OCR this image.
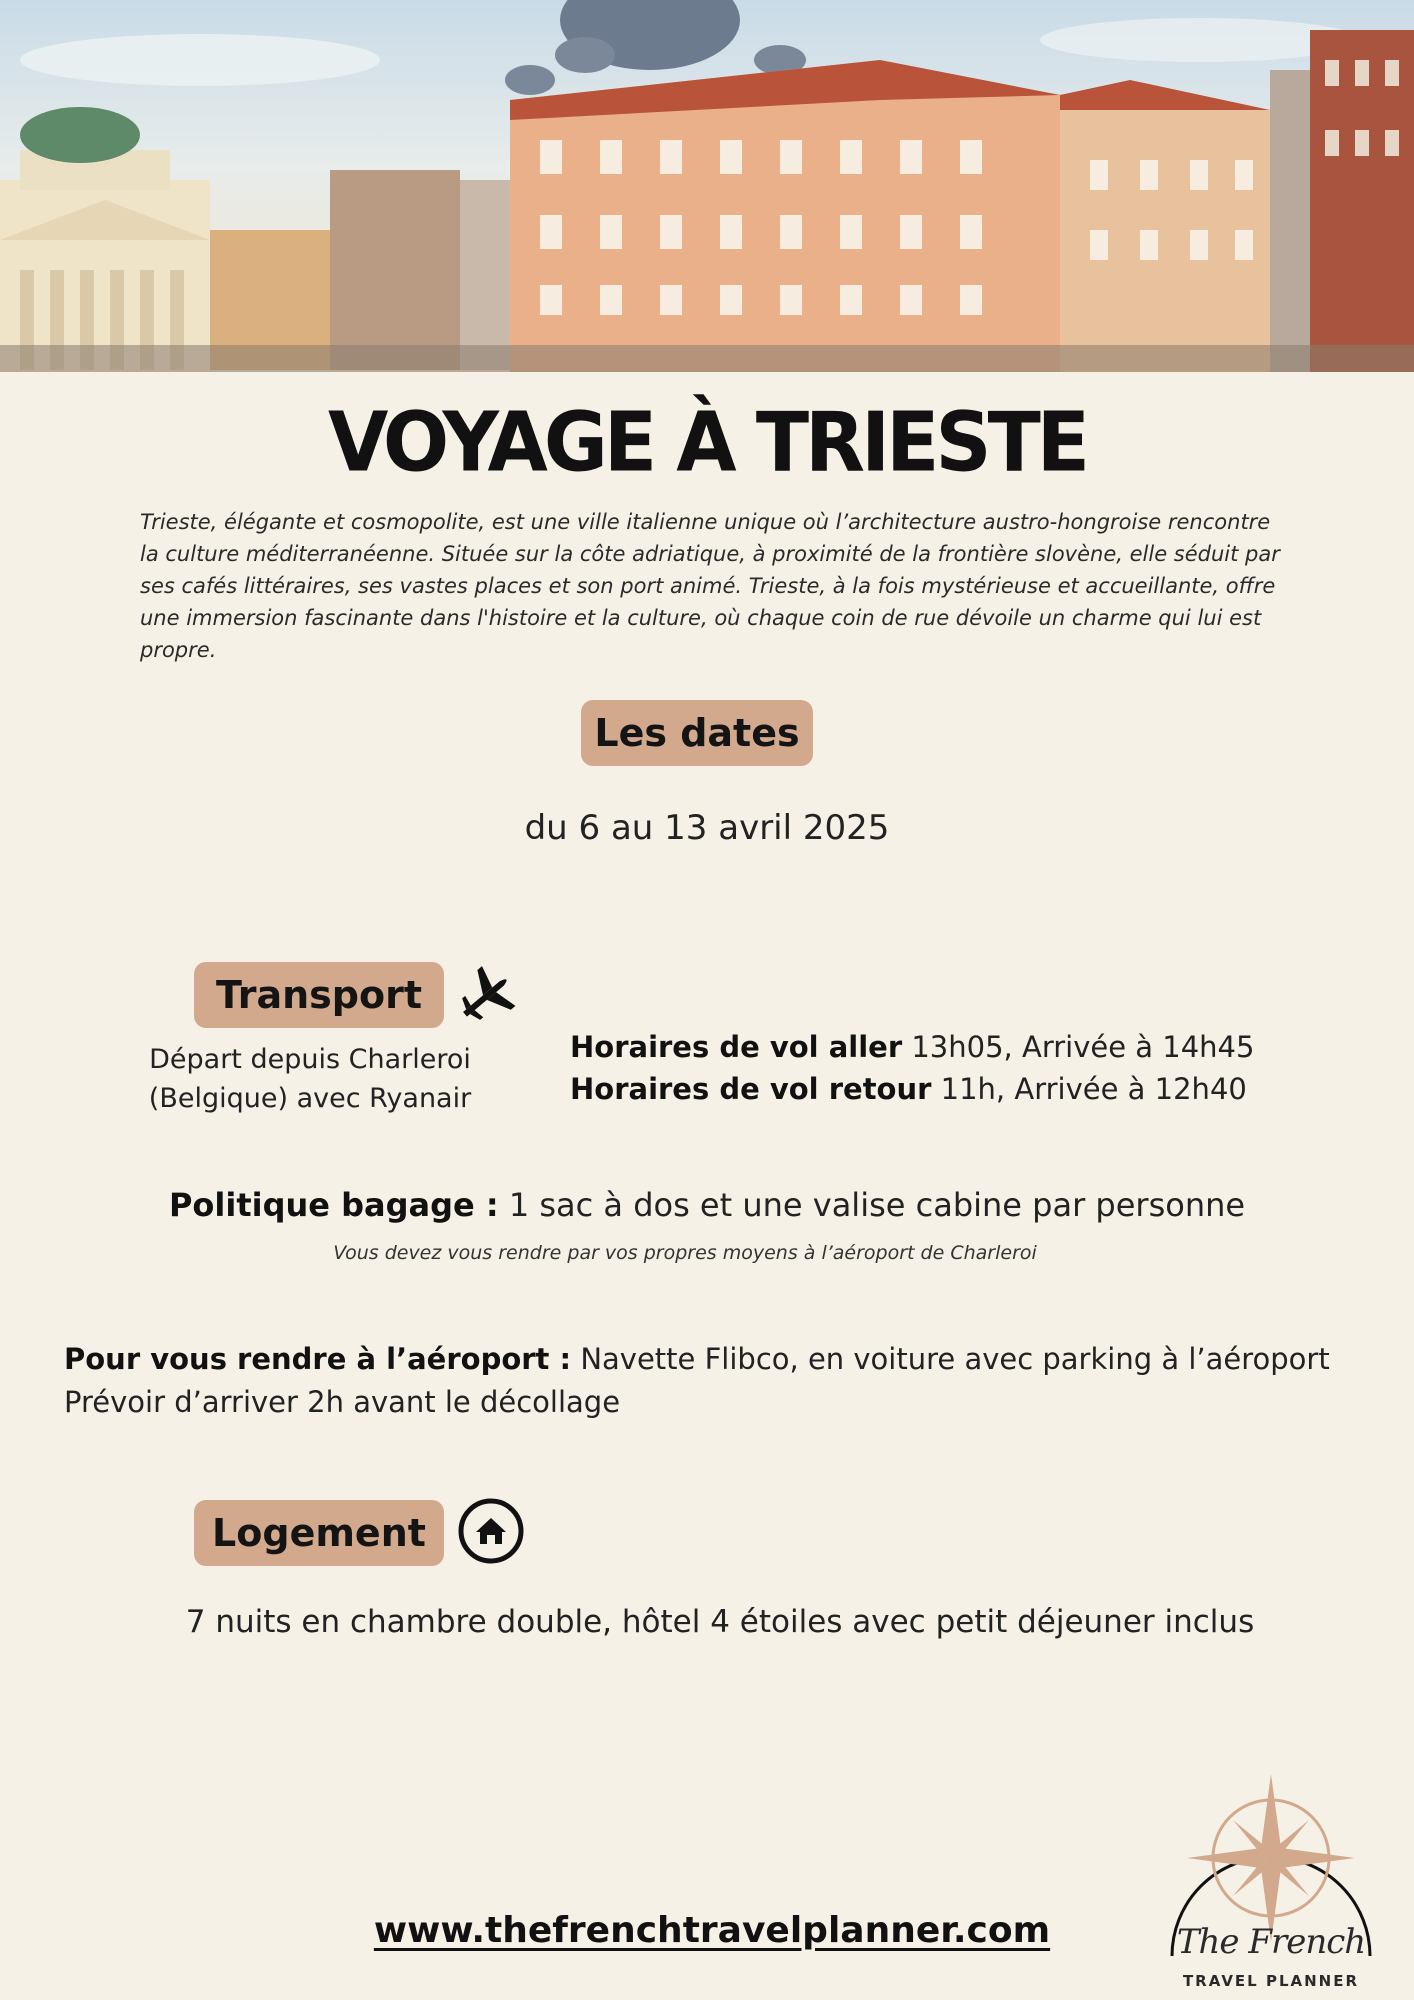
VOYAGE À TRIESTE
Trieste, élégante et cosmopolite, est une ville italienne unique où l’architecture austro-hongroise rencontre la culture méditerranéenne. Située sur la côte adriatique, à proximité de la frontière slovène, elle séduit par ses cafés littéraires, ses vastes places et son port animé. Trieste, à la fois mystérieuse et accueillante, offre une immersion fascinante dans l'histoire et la culture, où chaque coin de rue dévoile un charme qui lui est propre.
Les dates
du 6 au 13 avril 2025
Transport
Départ depuis Charleroi
(Belgique) avec Ryanair
Horaires de vol aller 13h05, Arrivée à 14h45
Horaires de vol retour 11h, Arrivée à 12h40
Politique bagage : 1 sac à dos et une valise cabine par personne
Vous devez vous rendre par vos propres moyens à l’aéroport de Charleroi
Pour vous rendre à l’aéroport : Navette Flibco, en voiture avec parking à l’aéroport
Prévoir d’arriver 2h avant le décollage
Logement
7 nuits en chambre double, hôtel 4 étoiles avec petit déjeuner inclus
www.thefrenchtravelplanner.com	The French
TRAVEL PLANNER
